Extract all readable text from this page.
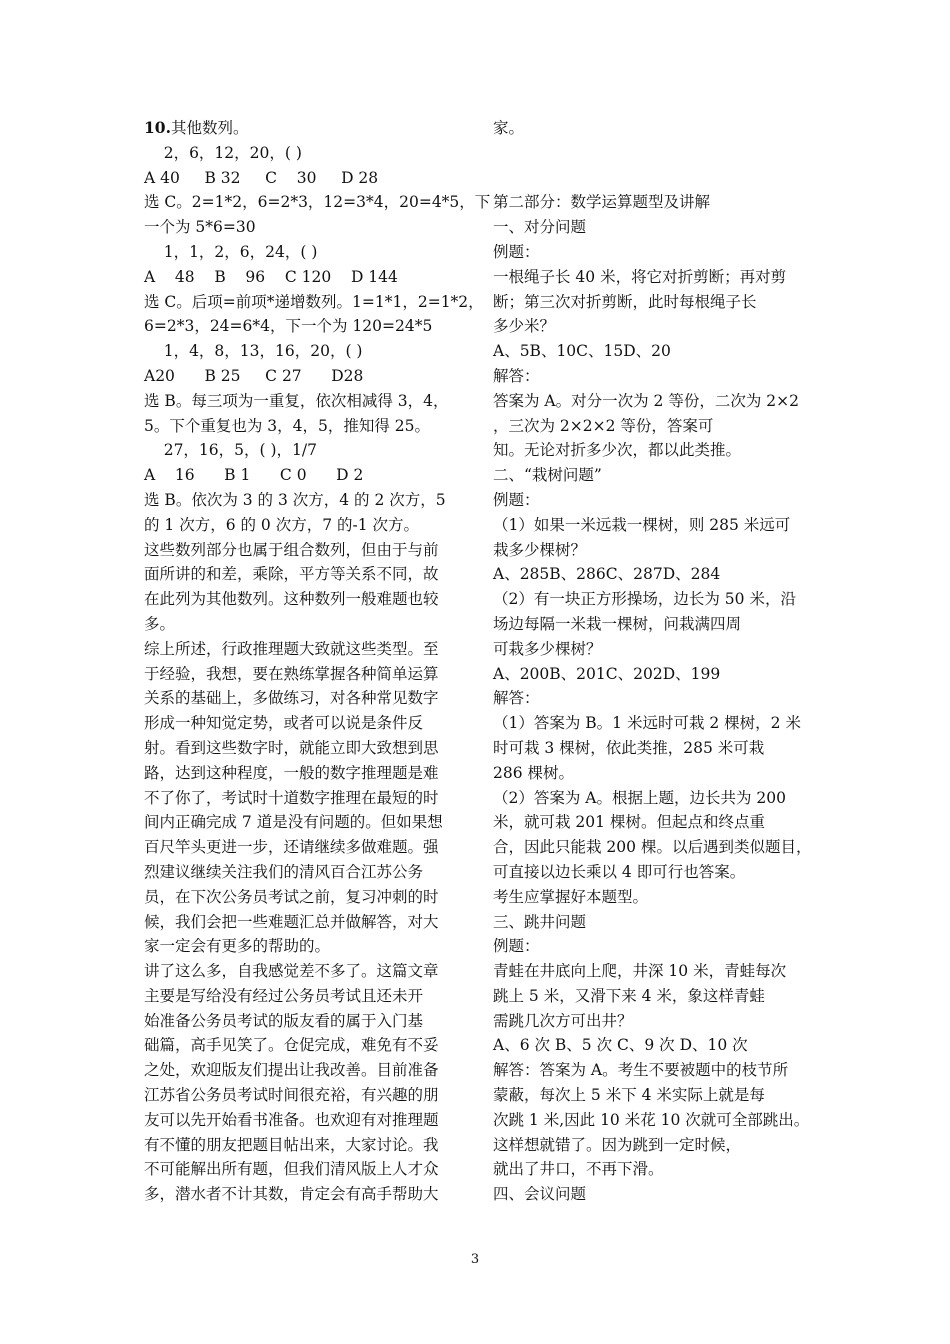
10.其他数列。
2，6，12，20，( )
A 40     B 32     C    30     D 28
选 C。2=1*2，6=2*3，12=3*4，20=4*5，下
一个为 5*6=30
1，1，2，6，24，( )
A    48    B    96    C 120    D 144
选 C。后项=前项*递增数列。1=1*1，2=1*2，
6=2*3，24=6*4，下一个为 120=24*5
1，4，8，13，16，20，( )
A20      B 25     C 27      D28
选 B。每三项为一重复，依次相减得 3，4，
5。下个重复也为 3，4，5，推知得 25。
27，16，5，( )，1/7
A    16      B 1      C 0      D 2
选 B。依次为 3 的 3 次方，4 的 2 次方，5
的 1 次方，6 的 0 次方，7 的-1 次方。
这些数列部分也属于组合数列，但由于与前
面所讲的和差，乘除，平方等关系不同，故
在此列为其他数列。这种数列一般难题也较
多。
综上所述，行政推理题大致就这些类型。至
于经验，我想，要在熟练掌握各种简单运算
关系的基础上，多做练习，对各种常见数字
形成一种知觉定势，或者可以说是条件反
射。看到这些数字时，就能立即大致想到思
路，达到这种程度，一般的数字推理题是难
不了你了，考试时十道数字推理在最短的时
间内正确完成 7 道是没有问题的。但如果想
百尺竿头更进一步，还请继续多做难题。强
烈建议继续关注我们的清风百合江苏公务
员，在下次公务员考试之前，复习冲刺的时
候，我们会把一些难题汇总并做解答，对大
家一定会有更多的帮助的。
讲了这么多，自我感觉差不多了。这篇文章
主要是写给没有经过公务员考试且还未开
始准备公务员考试的版友看的属于入门基
础篇，高手见笑了。仓促完成，难免有不妥
之处，欢迎版友们提出让我改善。目前准备
江苏省公务员考试时间很充裕，有兴趣的朋
友可以先开始看书准备。也欢迎有对推理题
有不懂的朋友把题目帖出来，大家讨论。我
不可能解出所有题，但我们清风版上人才众
多，潜水者不计其数，肯定会有高手帮助大
家。
第二部分：数学运算题型及讲解
一、对分问题
例题：
一根绳子长 40 米，将它对折剪断；再对剪
断；第三次对折剪断，此时每根绳子长
多少米？
A、5B、10C、15D、20
解答：
答案为 A。对分一次为 2 等份，二次为 2×2
，三次为 2×2×2 等份，答案可
知。无论对折多少次，都以此类推。
二、“栽树问题”
例题：
（1）如果一米远栽一棵树，则 285 米远可
栽多少棵树？
A、285B、286C、287D、284
（2）有一块正方形操场，边长为 50 米，沿
场边每隔一米栽一棵树，问栽满四周
可栽多少棵树？
A、200B、201C、202D、199
解答：
（1）答案为 B。1 米远时可栽 2 棵树，2 米
时可栽 3 棵树，依此类推，285 米可栽
286 棵树。
（2）答案为 A。根据上题，边长共为 200
米，就可栽 201 棵树。但起点和终点重
合，因此只能栽 200 棵。以后遇到类似题目，
可直接以边长乘以 4 即可行也答案。
考生应掌握好本题型。
三、跳井问题
例题：
青蛙在井底向上爬，井深 10 米，青蛙每次
跳上 5 米，又滑下来 4 米，象这样青蛙
需跳几次方可出井？
A、6 次 B、5 次 C、9 次 D、10 次
解答：答案为 A。考生不要被题中的枝节所
蒙蔽，每次上 5 米下 4 米实际上就是每
次跳 1 米,因此 10 米花 10 次就可全部跳出。
这样想就错了。因为跳到一定时候，
就出了井口，不再下滑。
四、会议问题
3
